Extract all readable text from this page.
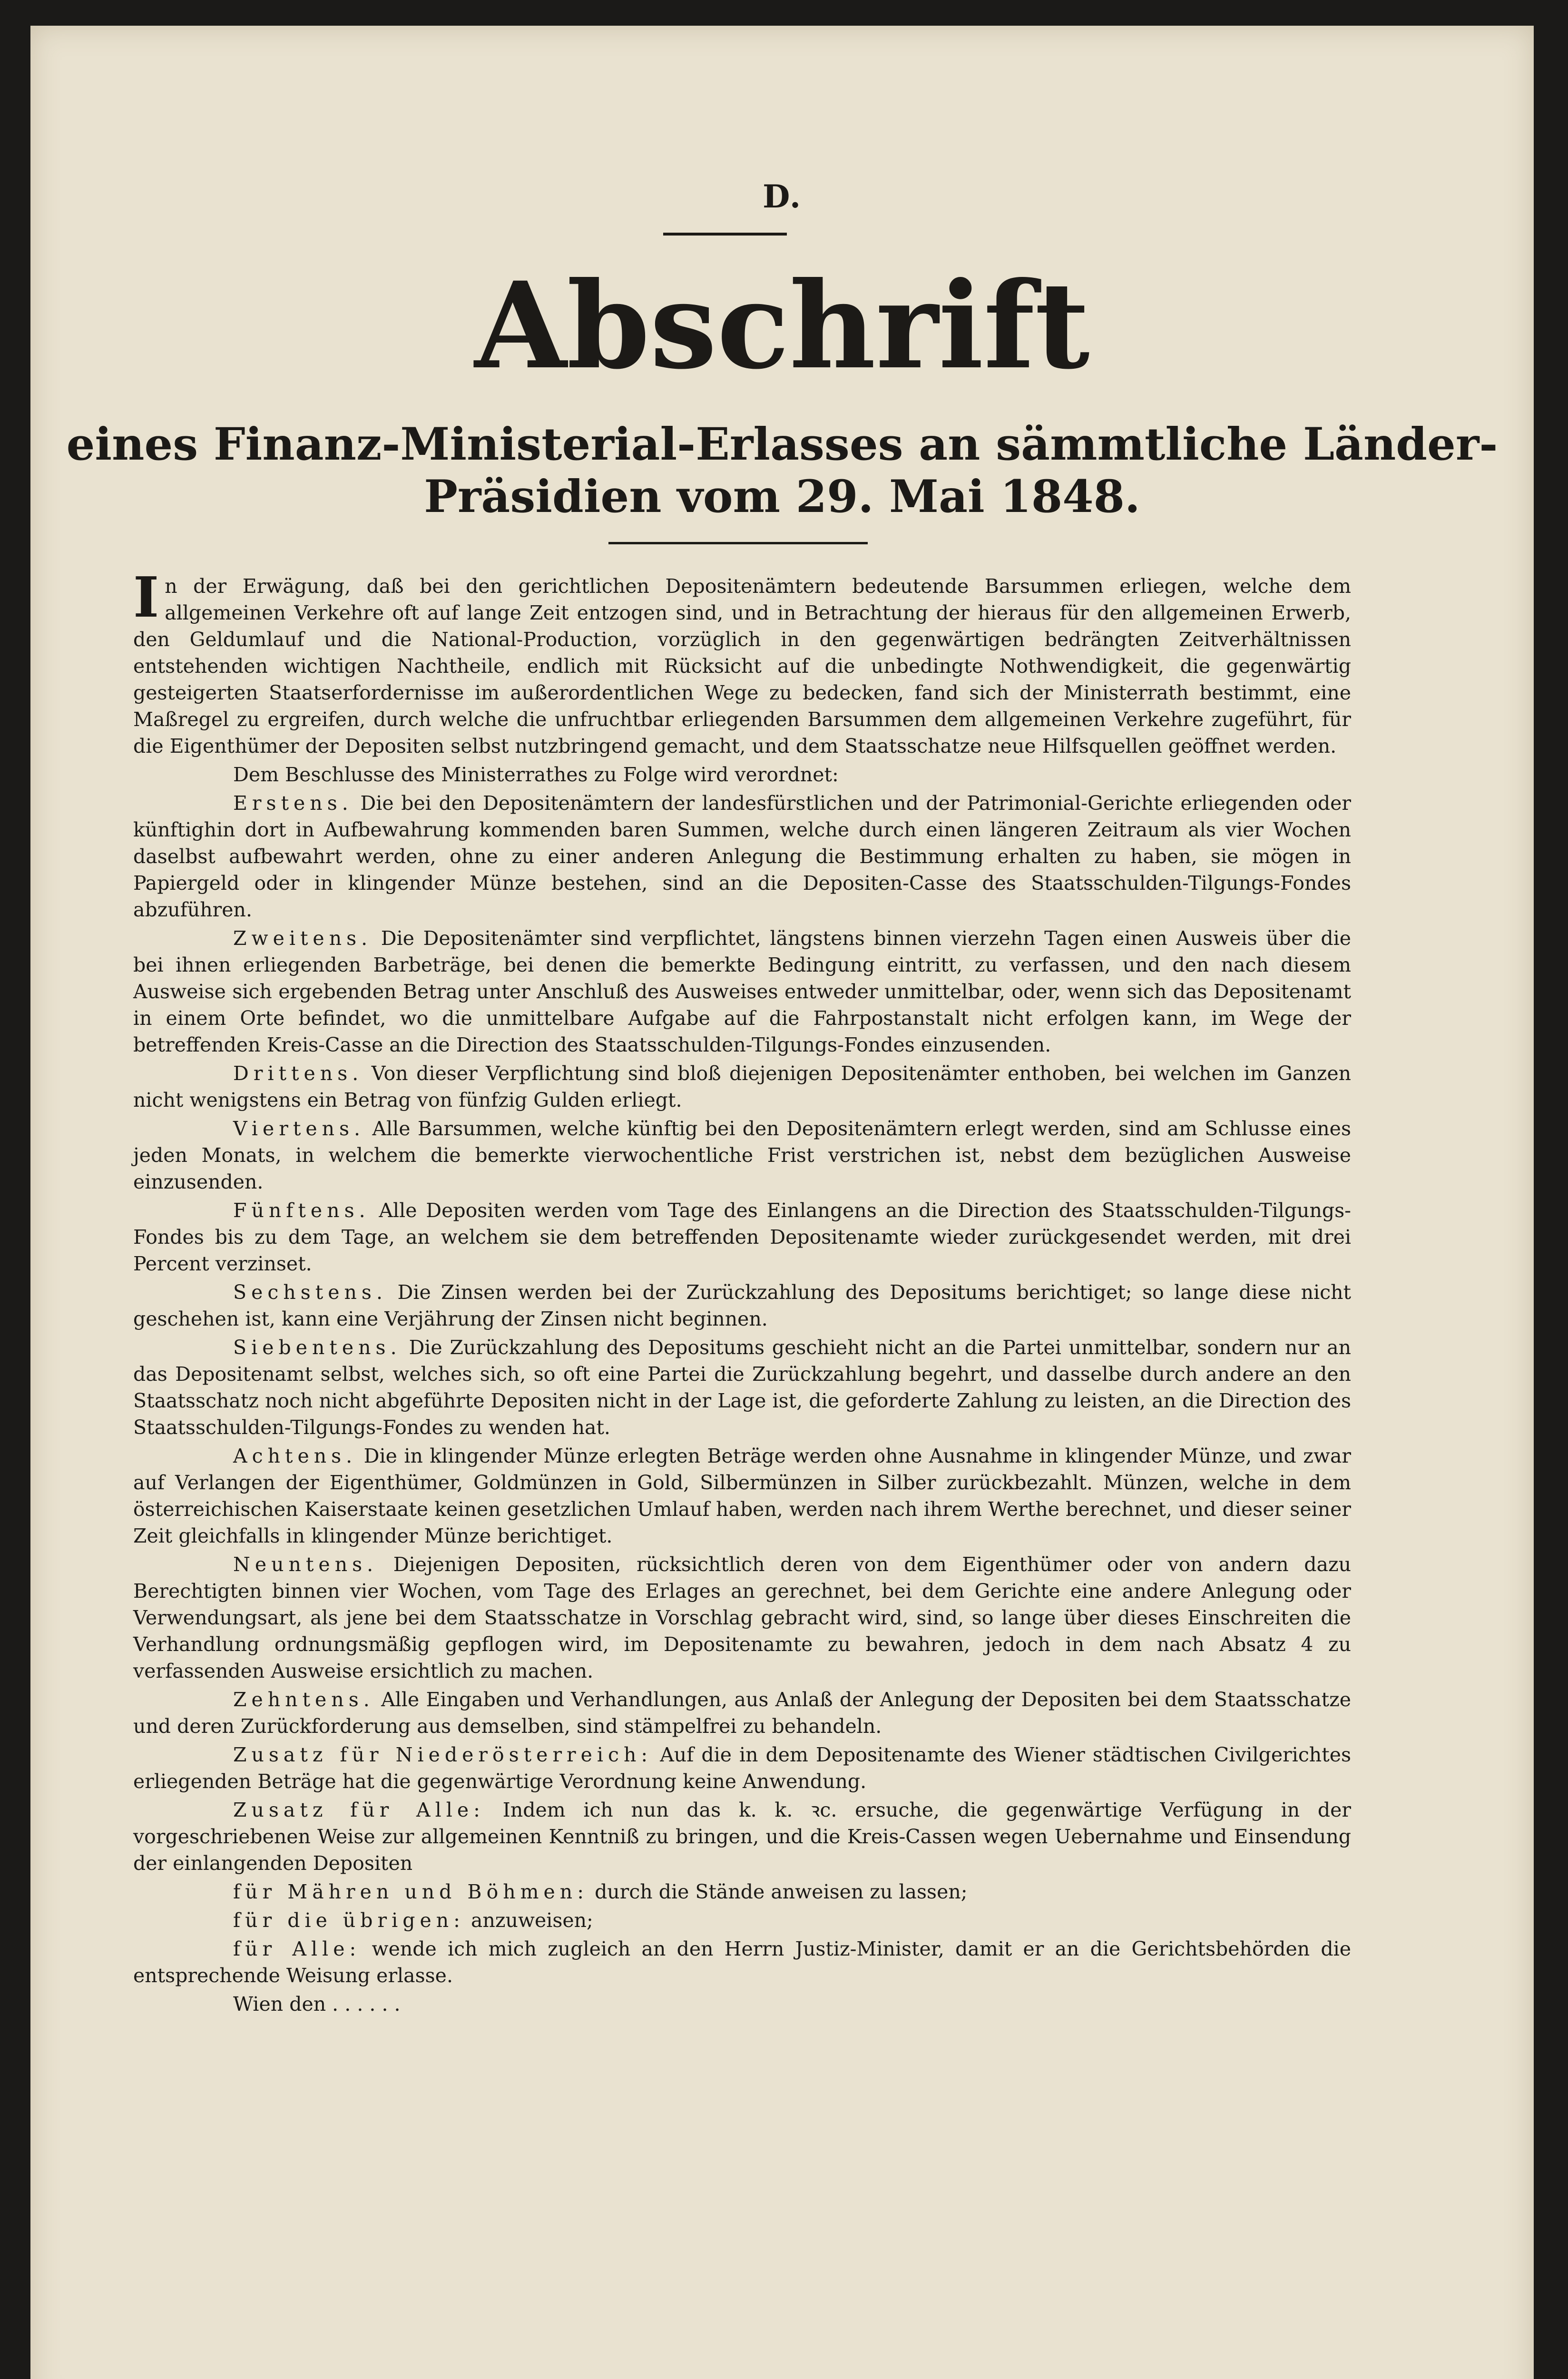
D.
Abschrift
eines Finanz-Ministerial-Erlasses an sämmtliche Länder-
Präsidien vom 29. Mai 1848.

In der Erwägung, daß bei den gerichtlichen Depositenämtern bedeutende Barsummen erliegen, welche dem allgemeinen Verkehre oft auf lange Zeit entzogen sind, und in Betrachtung der hieraus für den allgemeinen Erwerb, den Geldumlauf und die National-Production, vorzüglich in den gegenwärtigen bedrängten Zeitverhältnissen entstehenden wichtigen Nachtheile, endlich mit Rücksicht auf die unbedingte Nothwendigkeit, die gegenwärtig gesteigerten Staatserfordernisse im außerordentlichen Wege zu bedecken, fand sich der Ministerrath bestimmt, eine Maßregel zu ergreifen, durch welche die unfruchtbar erliegenden Barsummen dem allgemeinen Verkehre zugeführt, für die Eigenthümer der Depositen selbst nutzbringend gemacht, und dem Staatsschatze neue Hilfsquellen geöffnet werden.

Dem Beschlusse des Ministerrathes zu Folge wird verordnet:

Erstens. Die bei den Depositenämtern der landesfürstlichen und der Patrimonial-Gerichte erliegenden oder künftighin dort in Aufbewahrung kommenden baren Summen, welche durch einen längeren Zeitraum als vier Wochen daselbst aufbewahrt werden, ohne zu einer anderen Anlegung die Bestimmung erhalten zu haben, sie mögen in Papiergeld oder in klingender Münze bestehen, sind an die Depositen-Casse des Staatsschulden-Tilgungs-Fondes abzuführen.

Zweitens. Die Depositenämter sind verpflichtet, längstens binnen vierzehn Tagen einen Ausweis über die bei ihnen erliegenden Barbeträge, bei denen die bemerkte Bedingung eintritt, zu verfassen, und den nach diesem Ausweise sich ergebenden Betrag unter Anschluß des Ausweises entweder unmittelbar, oder, wenn sich das Depositenamt in einem Orte befindet, wo die unmittelbare Aufgabe auf die Fahrpostanstalt nicht erfolgen kann, im Wege der betreffenden Kreis-Casse an die Direction des Staatsschulden-Tilgungs-Fondes einzusenden.

Drittens. Von dieser Verpflichtung sind bloß diejenigen Depositenämter enthoben, bei welchen im Ganzen nicht wenigstens ein Betrag von fünfzig Gulden erliegt.

Viertens. Alle Barsummen, welche künftig bei den Depositenämtern erlegt werden, sind am Schlusse eines jeden Monats, in welchem die bemerkte vierwochentliche Frist verstrichen ist, nebst dem bezüglichen Ausweise einzusenden.

Fünftens. Alle Depositen werden vom Tage des Einlangens an die Direction des Staatsschulden-Tilgungs-Fondes bis zu dem Tage, an welchem sie dem betreffenden Depositenamte wieder zurückgesendet werden, mit drei Percent verzinset.

Sechstens. Die Zinsen werden bei der Zurückzahlung des Depositums berichtiget; so lange diese nicht geschehen ist, kann eine Verjährung der Zinsen nicht beginnen.

Siebentens. Die Zurückzahlung des Depositums geschieht nicht an die Partei unmittelbar, sondern nur an das Depositenamt selbst, welches sich, so oft eine Partei die Zurückzahlung begehrt, und dasselbe durch andere an den Staatsschatz noch nicht abgeführte Depositen nicht in der Lage ist, die geforderte Zahlung zu leisten, an die Direction des Staatsschulden-Tilgungs-Fondes zu wenden hat.

Achtens. Die in klingender Münze erlegten Beträge werden ohne Ausnahme in klingender Münze, und zwar auf Verlangen der Eigenthümer, Goldmünzen in Gold, Silbermünzen in Silber zurückbezahlt. Münzen, welche in dem österreichischen Kaiserstaate keinen gesetzlichen Umlauf haben, werden nach ihrem Werthe berechnet, und dieser seiner Zeit gleichfalls in klingender Münze berichtiget.

Neuntens. Diejenigen Depositen, rücksichtlich deren von dem Eigenthümer oder von andern dazu Berechtigten binnen vier Wochen, vom Tage des Erlages an gerechnet, bei dem Gerichte eine andere Anlegung oder Verwendungsart, als jene bei dem Staatsschatze in Vorschlag gebracht wird, sind, so lange über dieses Einschreiten die Verhandlung ordnungsmäßig gepflogen wird, im Depositenamte zu bewahren, jedoch in dem nach Absatz 4 zu verfassenden Ausweise ersichtlich zu machen.

Zehntens. Alle Eingaben und Verhandlungen, aus Anlaß der Anlegung der Depositen bei dem Staatsschatze und deren Zurückforderung aus demselben, sind stämpelfrei zu behandeln.

Zusatz für Niederösterreich: Auf die in dem Depositenamte des Wiener städtischen Civilgerichtes erliegenden Beträge hat die gegenwärtige Verordnung keine Anwendung.

Zusatz für Alle: Indem ich nun das k. k. ꝛc. ersuche, die gegenwärtige Verfügung in der vorgeschriebenen Weise zur allgemeinen Kenntniß zu bringen, und die Kreis-Cassen wegen Uebernahme und Einsendung der einlangenden Depositen

für Mähren und Böhmen: durch die Stände anweisen zu lassen;

für die übrigen: anzuweisen;

für Alle: wende ich mich zugleich an den Herrn Justiz-Minister, damit er an die Gerichtsbehörden die entsprechende Weisung erlasse.

Wien den . . . . . .
